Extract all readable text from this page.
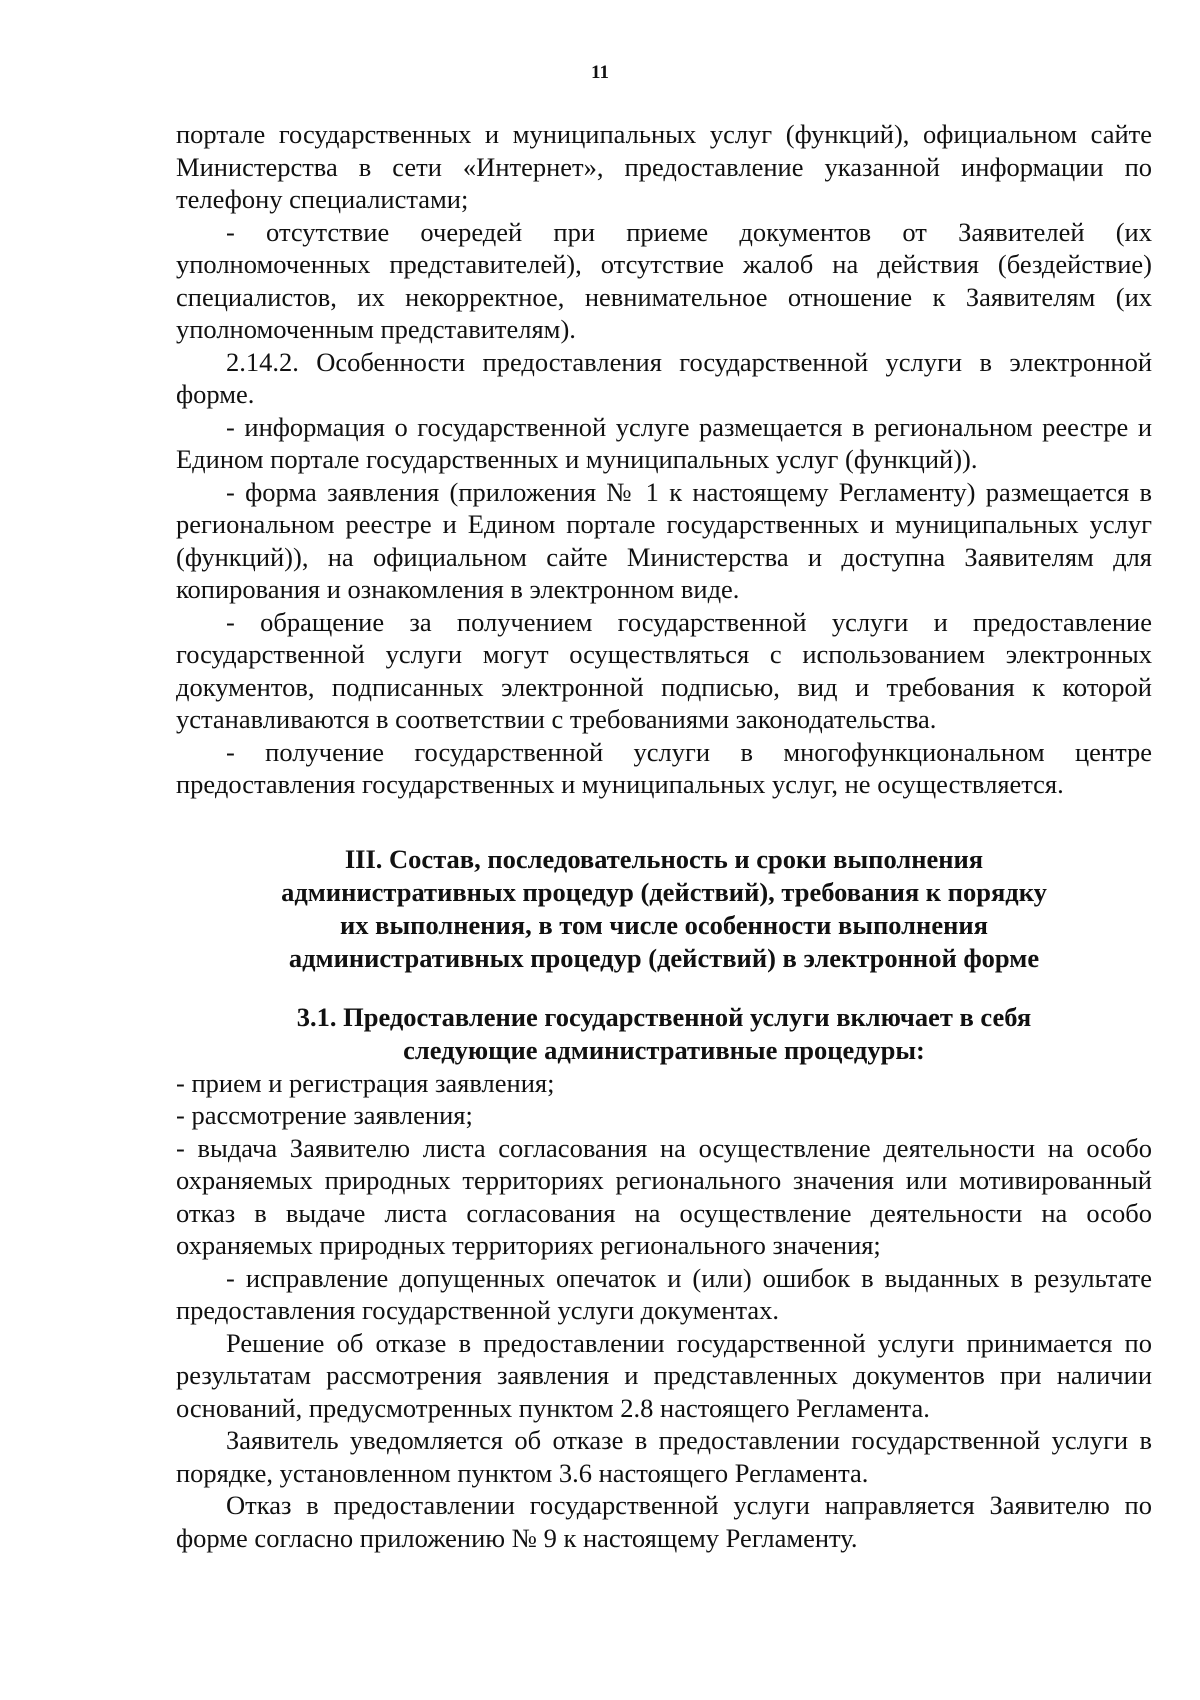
11

портале государственных и муниципальных услуг (функций), официальном сайте Министерства в сети «Интернет», предоставление указанной информации по телефону специалистами;

- отсутствие очередей при приеме документов от Заявителей (их уполномоченных представителей), отсутствие жалоб на действия (бездействие) специалистов, их некорректное, невнимательное отношение к Заявителям (их уполномоченным представителям).

2.14.2. Особенности предоставления государственной услуги в электронной форме.

- информация о государственной услуге размещается в региональном реестре и Едином портале государственных и муниципальных услуг (функций)).

- форма заявления (приложения № 1 к настоящему Регламенту) размещается в региональном реестре и Едином портале государственных и муниципальных услуг (функций)), на официальном сайте Министерства и доступна Заявителям для копирования и ознакомления в электронном виде.

- обращение за получением государственной услуги и предоставление государственной услуги могут осуществляться с использованием электронных документов, подписанных электронной подписью, вид и требования к которой устанавливаются в соответствии с требованиями законодательства.

- получение государственной услуги в многофункциональном центре предоставления государственных и муниципальных услуг, не осуществляется.

III. Состав, последовательность и сроки выполнения

административных процедур (действий), требования к порядку

их выполнения, в том числе особенности выполнения

административных процедур (действий) в электронной форме

3.1. Предоставление государственной услуги включает в себя

следующие административные процедуры:

- прием и регистрация заявления;

- рассмотрение заявления;

- выдача Заявителю листа согласования на осуществление деятельности на особо охраняемых природных территориях регионального значения или мотивированный отказ в выдаче листа согласования на осуществление деятельности на особо охраняемых природных территориях регионального значения;

- исправление допущенных опечаток и (или) ошибок в выданных в результате предоставления государственной услуги документах.

Решение об отказе в предоставлении государственной услуги принимается по результатам рассмотрения заявления и представленных документов при наличии оснований, предусмотренных пунктом 2.8 настоящего Регламента.

Заявитель уведомляется об отказе в предоставлении государственной услуги в порядке, установленном пунктом 3.6 настоящего Регламента.

Отказ в предоставлении государственной услуги направляется Заявителю по форме согласно приложению № 9 к настоящему Регламенту.
